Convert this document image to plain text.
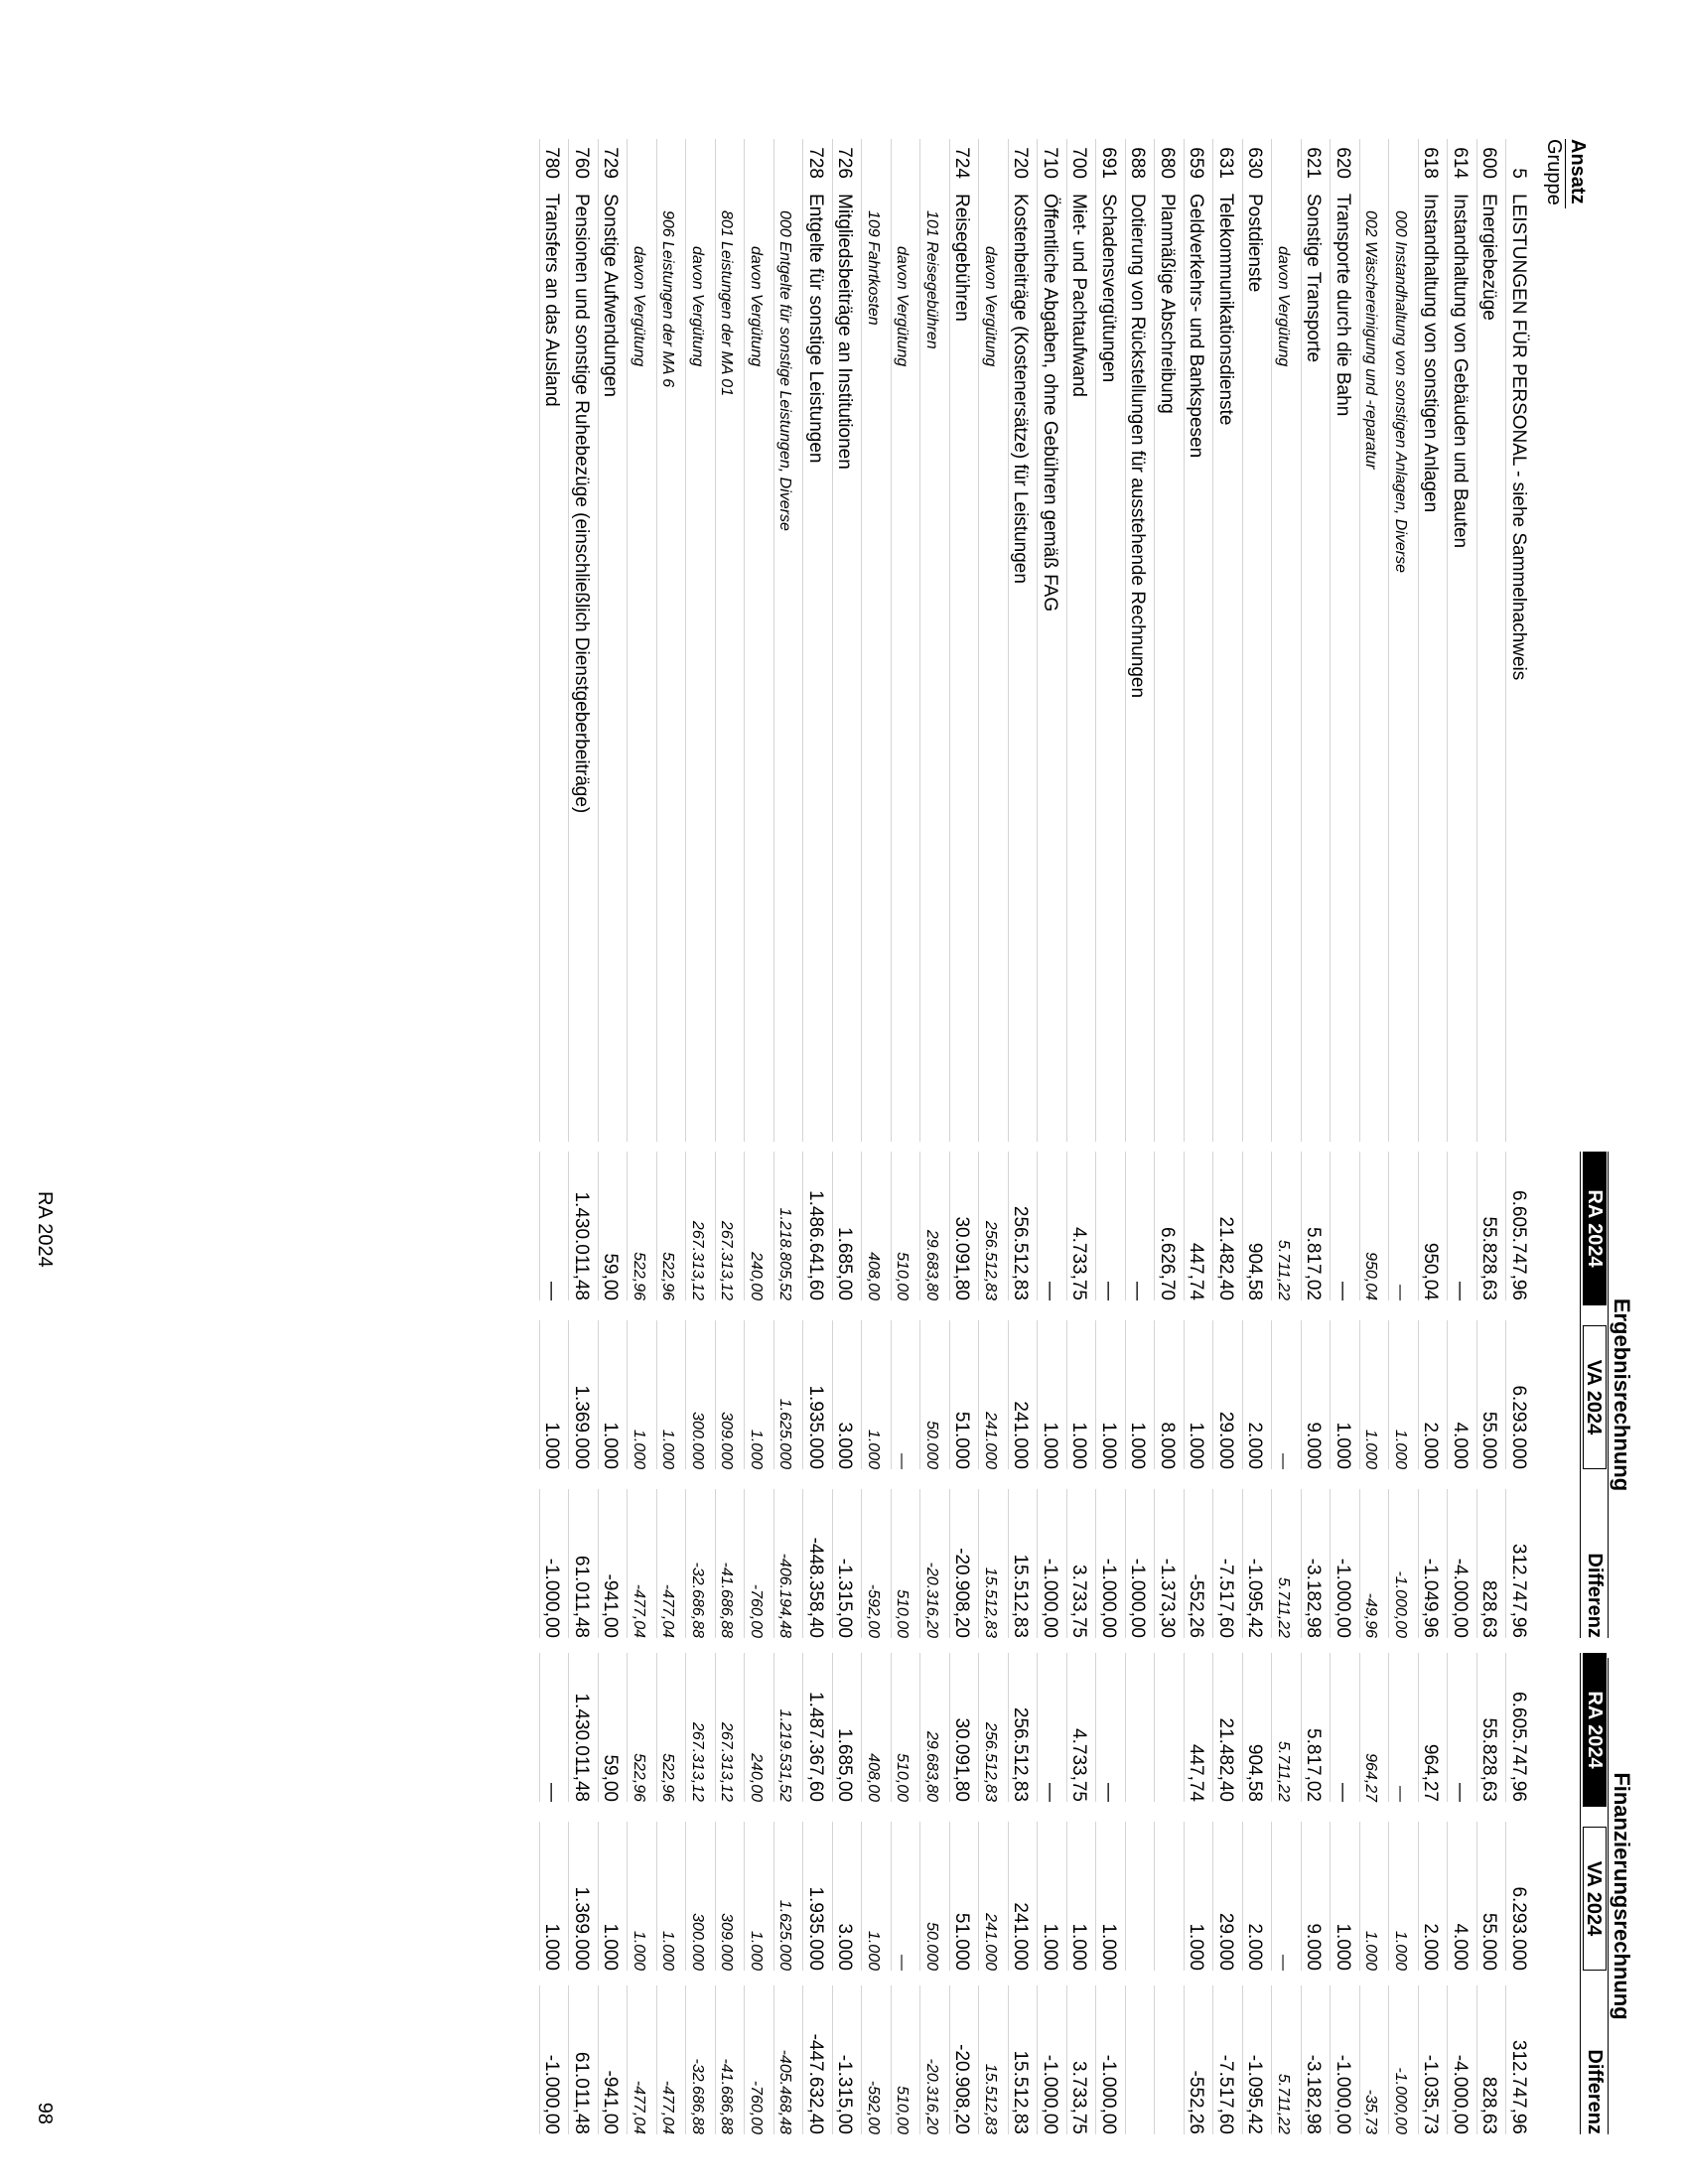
Ergebnisrechnung
Finanzierungsrechnung
Ansatz
Gruppe
RA 2024
VA 2024
Differenz
RA 2024
VA 2024
Differenz
5
LEISTUNGEN FÜR PERSONAL - siehe Sammelnachweis
6.605.747,96
6.293.000
312.747,96
6.605.747,96
6.293.000
312.747,96
600
Energiebezüge
55.828,63
55.000
828,63
55.828,63
55.000
828,63
614
Instandhaltung von Gebäuden und Bauten
—
4.000
-4.000,00
—
4.000
-4.000,00
618
Instandhaltung von sonstigen Anlagen
950,04
2.000
-1.049,96
964,27
2.000
-1.035,73
000 Instandhaltung von sonstigen Anlagen, Diverse
—
1.000
-1.000,00
—
1.000
-1.000,00
002 Wäschereinigung und -reparatur
950,04
1.000
-49,96
964,27
1.000
-35,73
620
Transporte durch die Bahn
—
1.000
-1.000,00
—
1.000
-1.000,00
621
Sonstige Transporte
5.817,02
9.000
-3.182,98
5.817,02
9.000
-3.182,98
davon Vergütung
5.711,22
—
5.711,22
5.711,22
—
5.711,22
630
Postdienste
904,58
2.000
-1.095,42
904,58
2.000
-1.095,42
631
Telekommunikationsdienste
21.482,40
29.000
-7.517,60
21.482,40
29.000
-7.517,60
659
Geldverkehrs- und Bankspesen
447,74
1.000
-552,26
447,74
1.000
-552,26
680
Planmäßige Abschreibung
6.626,70
8.000
-1.373,30
688
Dotierung von Rückstellungen für ausstehende Rechnungen
—
1.000
-1.000,00
691
Schadensvergütungen
—
1.000
-1.000,00
—
1.000
-1.000,00
700
Miet- und Pachtaufwand
4.733,75
1.000
3.733,75
4.733,75
1.000
3.733,75
710
Öffentliche Abgaben, ohne Gebühren gemäß FAG
—
1.000
-1.000,00
—
1.000
-1.000,00
720
Kostenbeiträge (Kostenersätze) für Leistungen
256.512,83
241.000
15.512,83
256.512,83
241.000
15.512,83
davon Vergütung
256.512,83
241.000
15.512,83
256.512,83
241.000
15.512,83
724
Reisegebühren
30.091,80
51.000
-20.908,20
30.091,80
51.000
-20.908,20
101 Reisegebühren
29.683,80
50.000
-20.316,20
29.683,80
50.000
-20.316,20
davon Vergütung
510,00
—
510,00
510,00
—
510,00
109 Fahrtkosten
408,00
1.000
-592,00
408,00
1.000
-592,00
726
Mitgliedsbeiträge an Institutionen
1.685,00
3.000
-1.315,00
1.685,00
3.000
-1.315,00
728
Entgelte für sonstige Leistungen
1.486.641,60
1.935.000
-448.358,40
1.487.367,60
1.935.000
-447.632,40
000 Entgelte für sonstige Leistungen, Diverse
1.218.805,52
1.625.000
-406.194,48
1.219.531,52
1.625.000
-405.468,48
davon Vergütung
240,00
1.000
-760,00
240,00
1.000
-760,00
801 Leistungen der MA 01
267.313,12
309.000
-41.686,88
267.313,12
309.000
-41.686,88
davon Vergütung
267.313,12
300.000
-32.686,88
267.313,12
300.000
-32.686,88
906 Leistungen der MA 6
522,96
1.000
-477,04
522,96
1.000
-477,04
davon Vergütung
522,96
1.000
-477,04
522,96
1.000
-477,04
729
Sonstige Aufwendungen
59,00
1.000
-941,00
59,00
1.000
-941,00
760
Pensionen und sonstige Ruhebezüge (einschließlich Dienstgeberbeiträge)
1.430.011,48
1.369.000
61.011,48
1.430.011,48
1.369.000
61.011,48
780
Transfers an das Ausland
—
1.000
-1.000,00
—
1.000
-1.000,00
RA 2024
98
